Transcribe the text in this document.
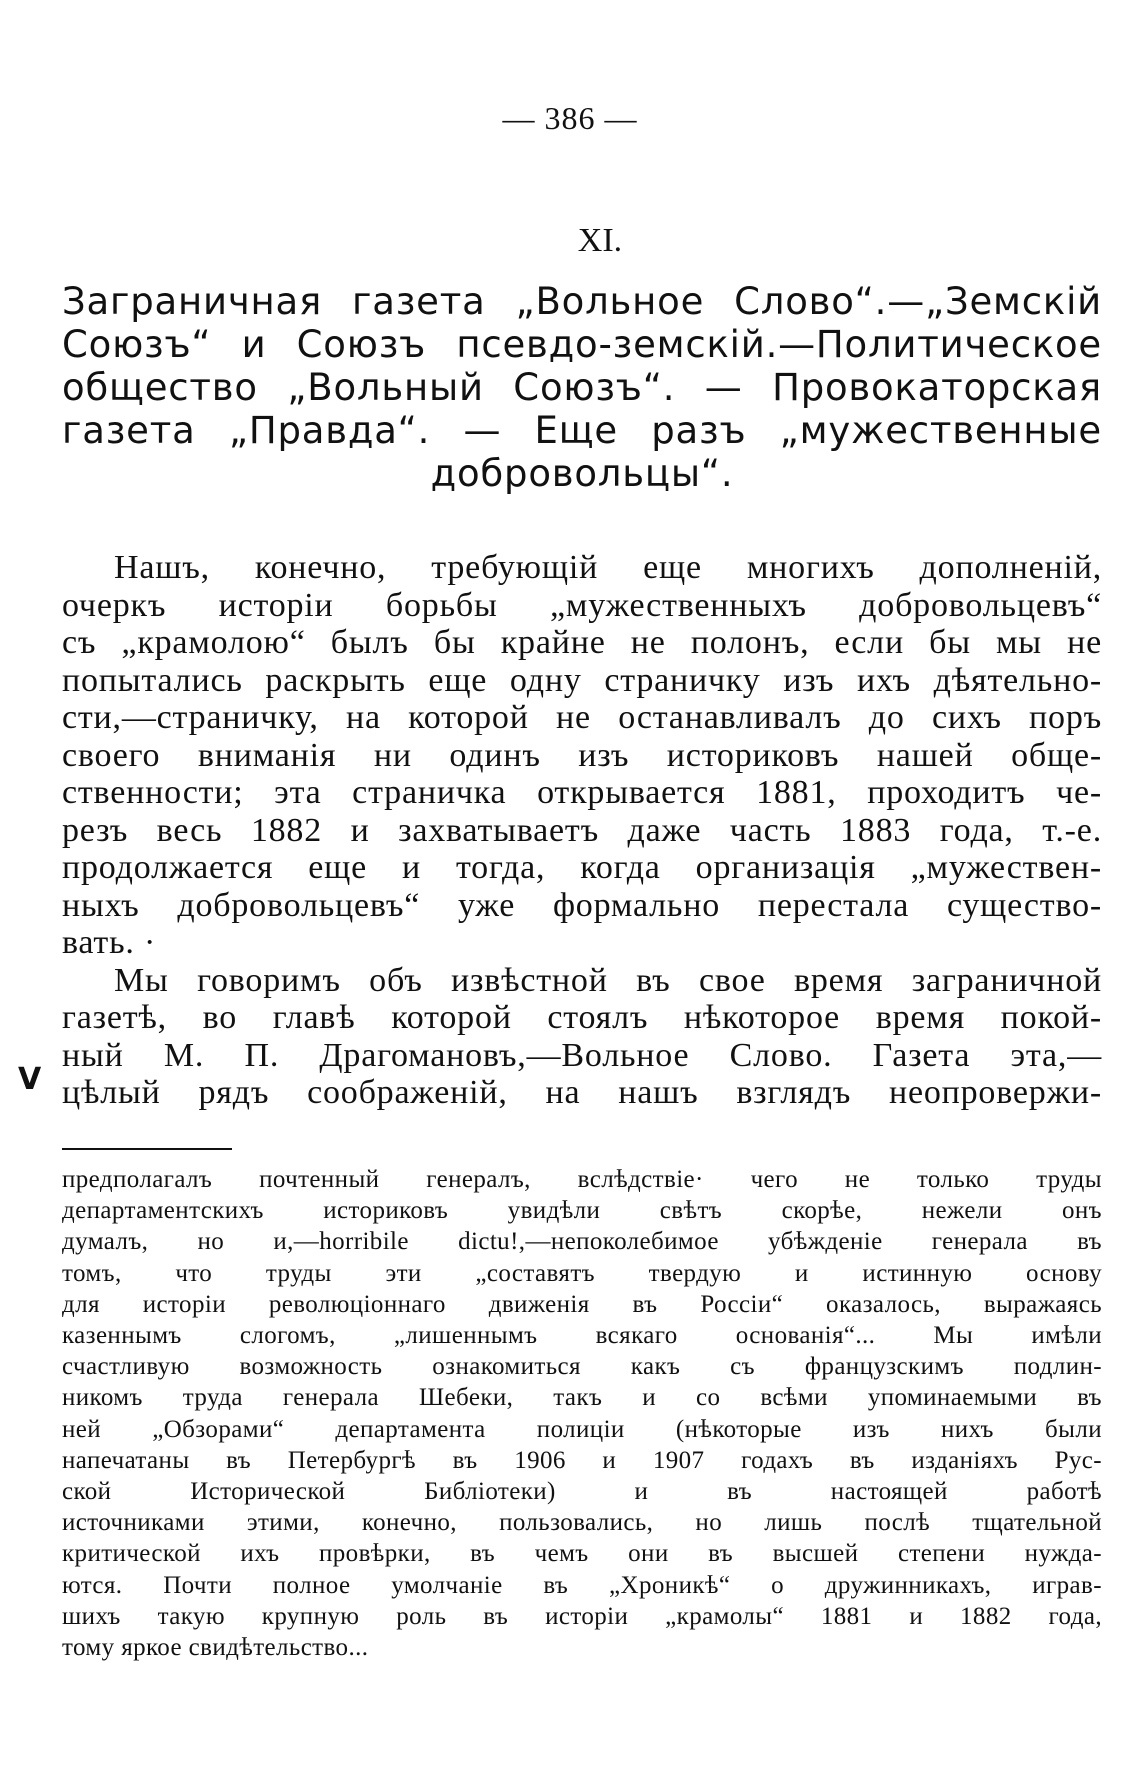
— 386 —
XI.
Заграничная газета „Вольное Слово“.—„Земскій
Союзъ“ и Союзъ псевдо-земскій.—Политическое
общество „Вольный Союзъ“. — Провокаторская
газета „Правда“. — Еще разъ „мужественные
добровольцы“.
Нашъ, конечно, требующій еще многихъ дополненій,
очеркъ исторіи борьбы „мужественныхъ добровольцевъ“
съ „крамолою“ былъ бы крайне не полонъ, если бы мы не
попытались раскрыть еще одну страничку изъ ихъ дѣятельно-
сти,—страничку, на которой не останавливалъ до сихъ поръ
своего вниманія ни одинъ изъ историковъ нашей обще-
ственности; эта страничка открывается 1881, проходитъ че-
резъ весь 1882 и захватываетъ даже часть 1883 года, т.-е.
продолжается еще и тогда, когда организація „мужествен-
ныхъ добровольцевъ“ уже формально перестала существо-
вать. ·
Мы говоримъ объ извѣстной въ свое время заграничной
газетѣ, во главѣ которой стоялъ нѣкоторое время покой-
ный М. П. Драгомановъ,—Вольное Слово. Газета эта,—
цѣлый рядъ соображеній, на нашъ взглядъ неопровержи-
V
предполагалъ почтенный генералъ, вслѣдствіе· чего не только труды
департаментскихъ историковъ увидѣли свѣтъ скорѣе, нежели онъ
думалъ, но и,—horribile dictu!,—непоколебимое убѣжденіе генерала въ
томъ, что труды эти „составятъ твердую и истинную основу
для исторіи революціоннаго движенія въ Россіи“ оказалось, выражаясь
казеннымъ слогомъ, „лишеннымъ всякаго основанія“... Мы имѣли
счастливую возможность ознакомиться какъ съ французскимъ подлин-
никомъ труда генерала Шебеки, такъ и со всѣми упоминаемыми въ
ней „Обзорами“ департамента полиціи (нѣкоторые изъ нихъ были
напечатаны въ Петербургѣ въ 1906 и 1907 годахъ въ изданіяхъ Рус-
ской Исторической Библіотеки) и въ настоящей работѣ
источниками этими, конечно, пользовались, но лишь послѣ тщательной
критической ихъ провѣрки, въ чемъ они въ высшей степени нуждa-
ются. Почти полное умолчаніе въ „Хроникѣ“ о дружинникахъ, игрaв-
шихъ такую крупную роль въ исторіи „крамолы“ 1881 и 1882 года,
тому яркое свидѣтельство...
